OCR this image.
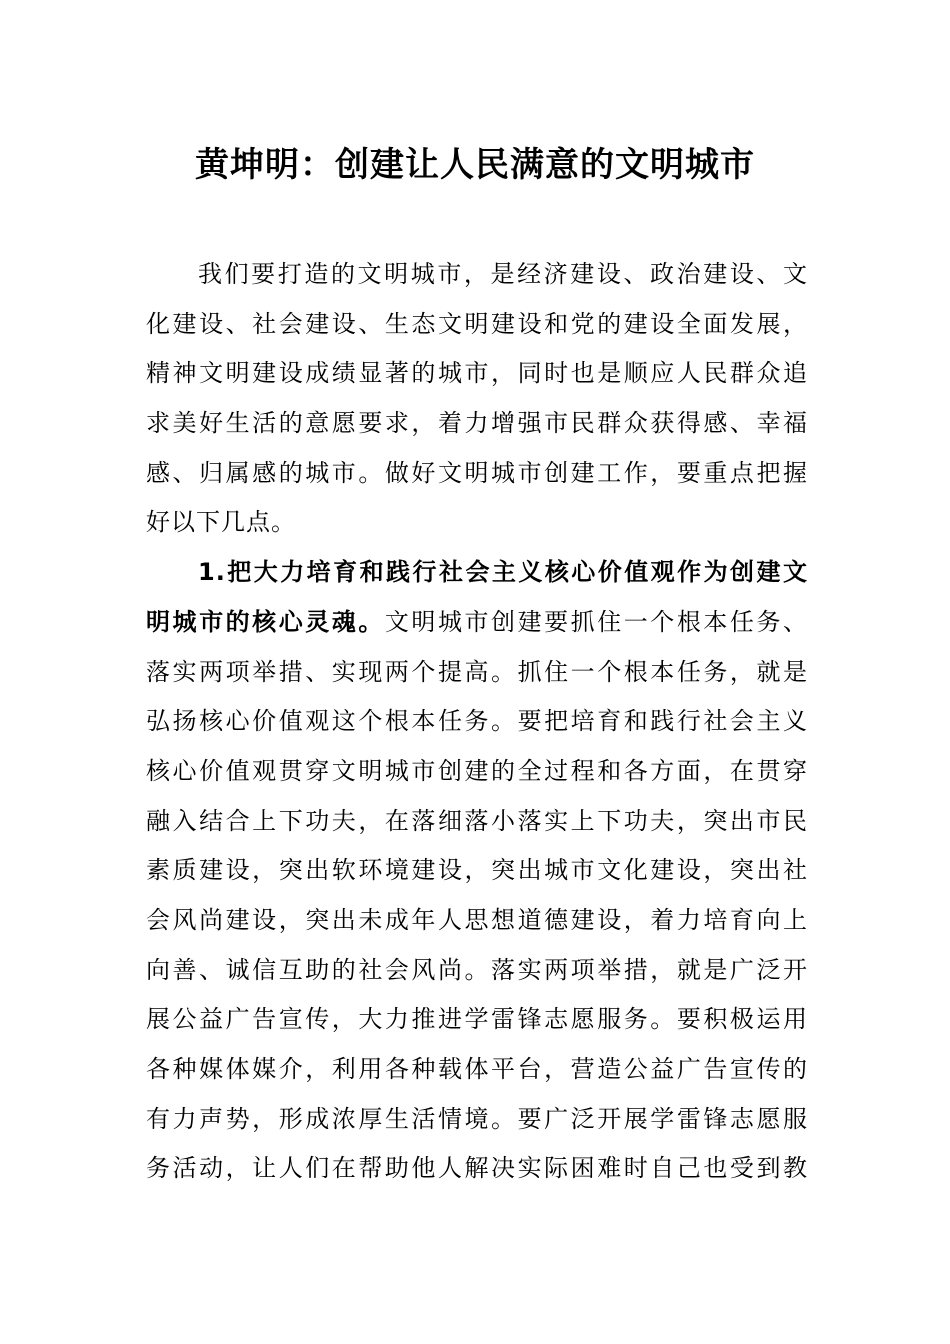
黄坤明：创建让人民满意的文明城市
我们要打造的文明城市，是经济建设、政治建设、文
化建设、社会建设、生态文明建设和党的建设全面发展，
精神文明建设成绩显著的城市，同时也是顺应人民群众追
求美好生活的意愿要求，着力增强市民群众获得感、幸福
感、归属感的城市。做好文明城市创建工作，要重点把握
好以下几点。
1.把大力培育和践行社会主义核心价值观作为创建文
明城市的核心灵魂。文明城市创建要抓住一个根本任务、
落实两项举措、实现两个提高。抓住一个根本任务，就是
弘扬核心价值观这个根本任务。要把培育和践行社会主义
核心价值观贯穿文明城市创建的全过程和各方面，在贯穿
融入结合上下功夫，在落细落小落实上下功夫，突出市民
素质建设，突出软环境建设，突出城市文化建设，突出社
会风尚建设，突出未成年人思想道德建设，着力培育向上
向善、诚信互助的社会风尚。落实两项举措，就是广泛开
展公益广告宣传，大力推进学雷锋志愿服务。要积极运用
各种媒体媒介，利用各种载体平台，营造公益广告宣传的
有力声势，形成浓厚生活情境。要广泛开展学雷锋志愿服
务活动，让人们在帮助他人解决实际困难时自己也受到教
